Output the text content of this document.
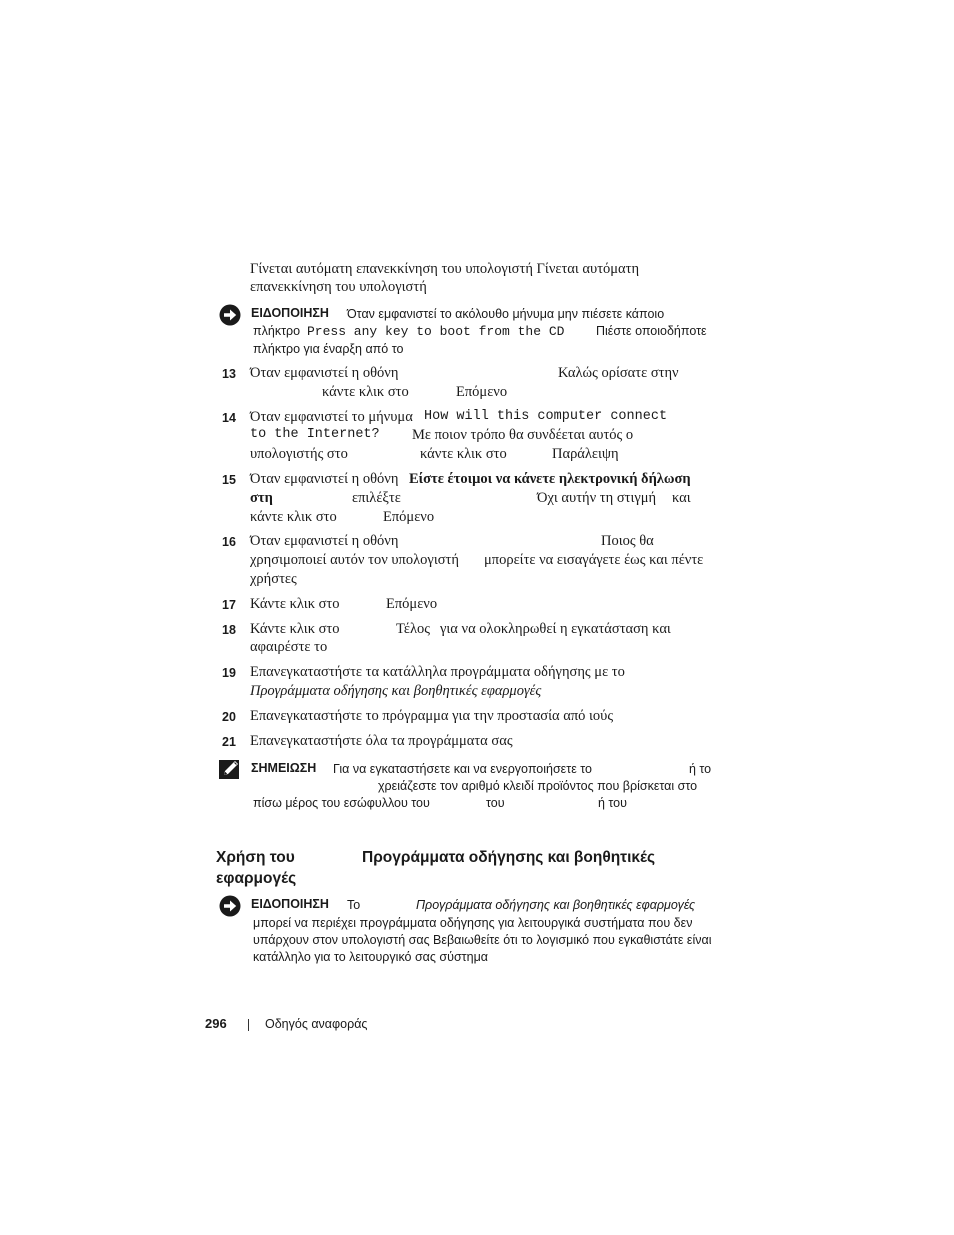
Γίνεται αυτόματη επανεκκίνηση του υπολογιστή Γίνεται αυτόματη
επανεκκίνηση του υπολογιστή
ΕΙΔΟΠΟΙΗΣΗ Όταν εμφανιστεί το ακόλουθο μήνυμα μην πιέσετε κάποιο
πλήκτρο Press any key to boot from the CD	Πιέστε οποιοδήποτε
πλήκτρο για έναρξη από το
13 Όταν εμφανιστεί η οθόνη	Καλώς ορίσατε στην
κάντε κλικ στο	Επόμενο
14 Όταν εμφανιστεί το μήνυμα How will this computer connect
to the Internet? Με ποιον τρόπο θα συνδέεται αυτός ο
υπολογιστής στο	κάντε κλικ στο	Παράλειψη
15 Όταν εμφανιστεί η οθόνη Είστε έτοιμοι να κάνετε ηλεκτρονική δήλωση
στη	επιλέξτε	Όχι αυτήν τη στιγμή και
κάντε κλικ στο	Επόμενο
16 Όταν εμφανιστεί η οθόνη	Ποιος θα
χρησιμοποιεί αυτόν τον υπολογιστή μπορείτε να εισαγάγετε έως και πέντε
χρήστες
17 Κάντε κλικ στο	Επόμενο
18 Κάντε κλικ στο	Τέλος για να ολοκληρωθεί η εγκατάσταση και
αφαιρέστε το
19 Επανεγκαταστήστε τα κατάλληλα προγράμματα οδήγησης με το
Προγράμματα οδήγησης και βοηθητικές εφαρμογές
20 Επανεγκαταστήστε το πρόγραμμα για την προστασία από ιούς
21 Επανεγκαταστήστε όλα τα προγράμματα σας
ΣΗΜΕΙΩΣΗ Για να εγκαταστήσετε και να ενεργοποιήσετε το	ή το
χρειάζεστε τον αριθμό κλειδί προϊόντος που βρίσκεται στο
πίσω μέρος του εσώφυλλου του	του	ή του
Χρήση του	Προγράμματα οδήγησης και βοηθητικές
εφαρμογές
ΕΙΔΟΠΟΙΗΣΗ Το	Προγράμματα οδήγησης και βοηθητικές εφαρμογές
μπορεί να περιέχει προγράμματα οδήγησης για λειτουργικά συστήματα που δεν
υπάρχουν στον υπολογιστή σας Βεβαιωθείτε ότι το λογισμικό που εγκαθιστάτε είναι
κατάλληλο για το λειτουργικό σας σύστημα
296	Οδηγός αναφοράς
